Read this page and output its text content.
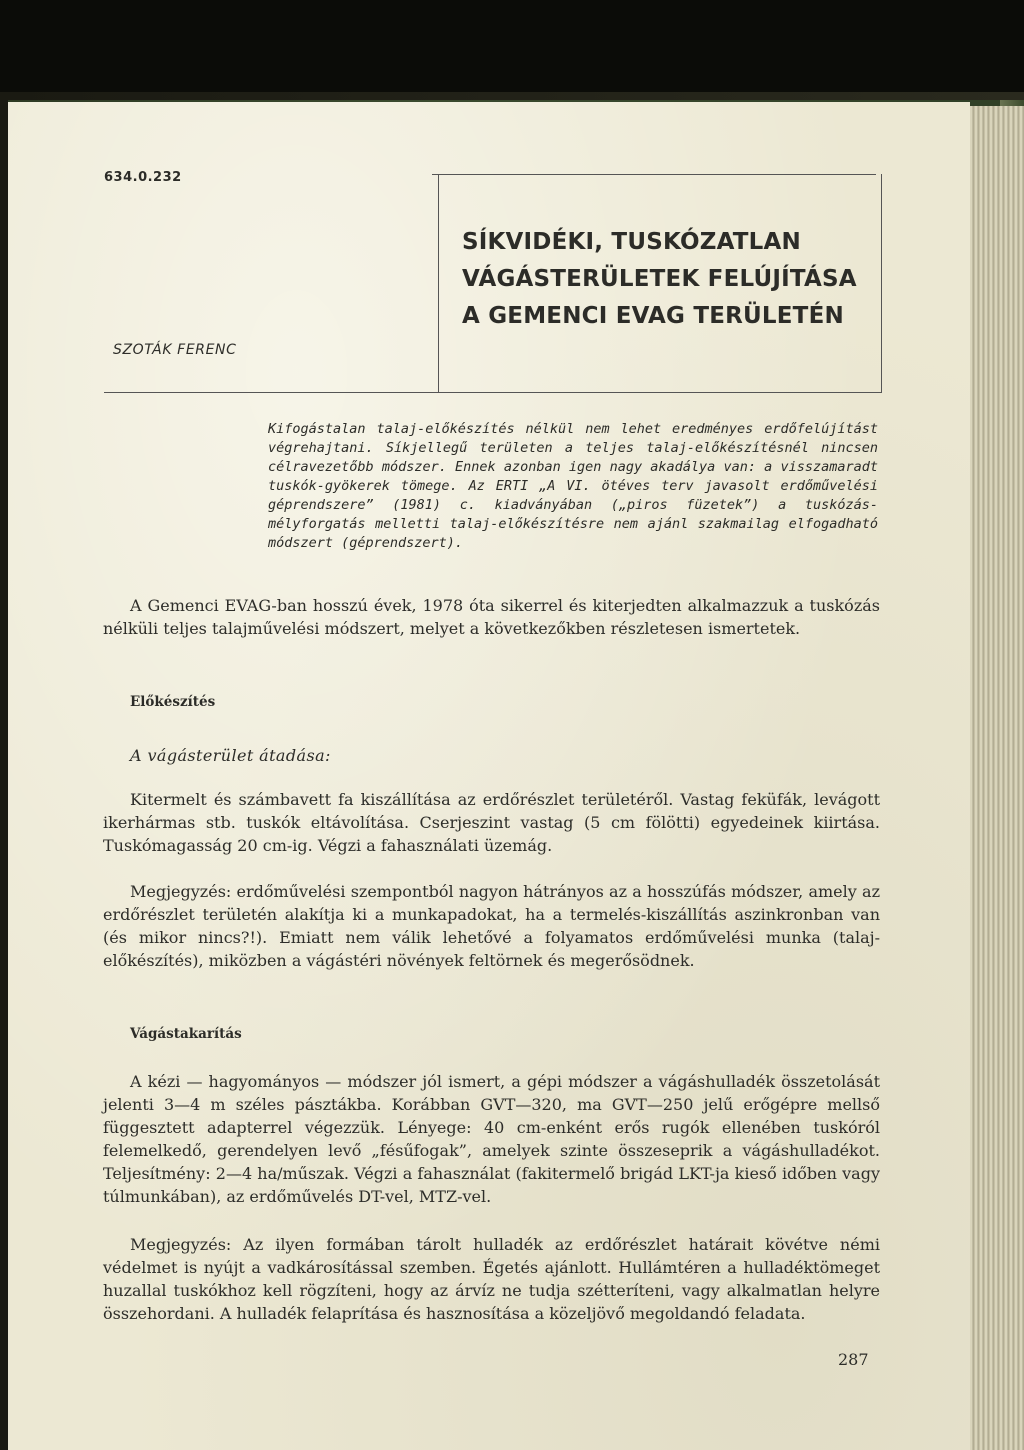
634.0.232
SÍKVIDÉKI, TUSKÓZATLAN
VÁGÁSTERÜLETEK FELÚJÍTÁSA
A GEMENCI EVAG TERÜLETÉN
SZOTÁK FERENC
Kifogástalan talaj-előkészítés nélkül nem lehet eredményes erdőfelújítást végrehajtani. Síkjellegű területen a teljes talaj-előkészítésnél nincsen célravezetőbb módszer. Ennek azonban igen nagy akadálya van: a visszamaradt tuskók-gyökerek tömege. Az ERTI „A VI. ötéves terv javasolt erdőművelési géprendszere” (1981) c. kiadványában („piros füzetek”) a tuskózás-mélyforgatás melletti talaj-előkészítésre nem ajánl szakmailag elfogadható módszert (géprendszert).

A Gemenci EVAG-ban hosszú évek, 1978 óta sikerrel és kiterjedten alkalmazzuk a tuskózás nélküli teljes talajművelési módszert, melyet a következőkben részletesen ismertetek.

Előkészítés
A vágásterület átadása:

Kitermelt és számbavett fa kiszállítása az erdőrészlet területéről. Vastag feküfák, levágott ikerhármas stb. tuskók eltávolítása. Cserjeszint vastag (5 cm fölötti) egyedeinek kiirtása. Tuskómagasság 20 cm-ig. Végzi a fahasználati üzemág.

Megjegyzés: erdőművelési szempontból nagyon hátrányos az a hosszúfás módszer, amely az erdőrészlet területén alakítja ki a munkapadokat, ha a termelés-kiszállítás aszinkronban van (és mikor nincs?!). Emiatt nem válik lehetővé a folyamatos erdőművelési munka (talaj-előkészítés), miközben a vágástéri növények feltörnek és megerősödnek.

Vágástakarítás

A kézi — hagyományos — módszer jól ismert, a gépi módszer a vágáshulladék összetolását jelenti 3—4 m széles pásztákba. Korábban GVT—320, ma GVT—250 jelű erőgépre mellső függesztett adapterrel végezzük. Lényege: 40 cm-enként erős rugók ellenében tuskóról felemelkedő, gerendelyen levő „fésűfogak”, amelyek szinte összeseprik a vágáshulladékot. Teljesítmény: 2—4 ha/műszak. Végzi a fahasználat (fakitermelő brigád LKT-ja kieső időben vagy túlmunkában), az erdőművelés DT-vel, MTZ-vel.

Megjegyzés: Az ilyen formában tárolt hulladék az erdőrészlet határait kövétve némi védelmet is nyújt a vadkárosítással szemben. Égetés ajánlott. Hullámtéren a hulladéktömeget huzallal tuskókhoz kell rögzíteni, hogy az árvíz ne tudja szétteríteni, vagy alkalmatlan helyre összehordani. A hulladék felaprítása és hasznosítása a közeljövő megoldandó feladata.

287
